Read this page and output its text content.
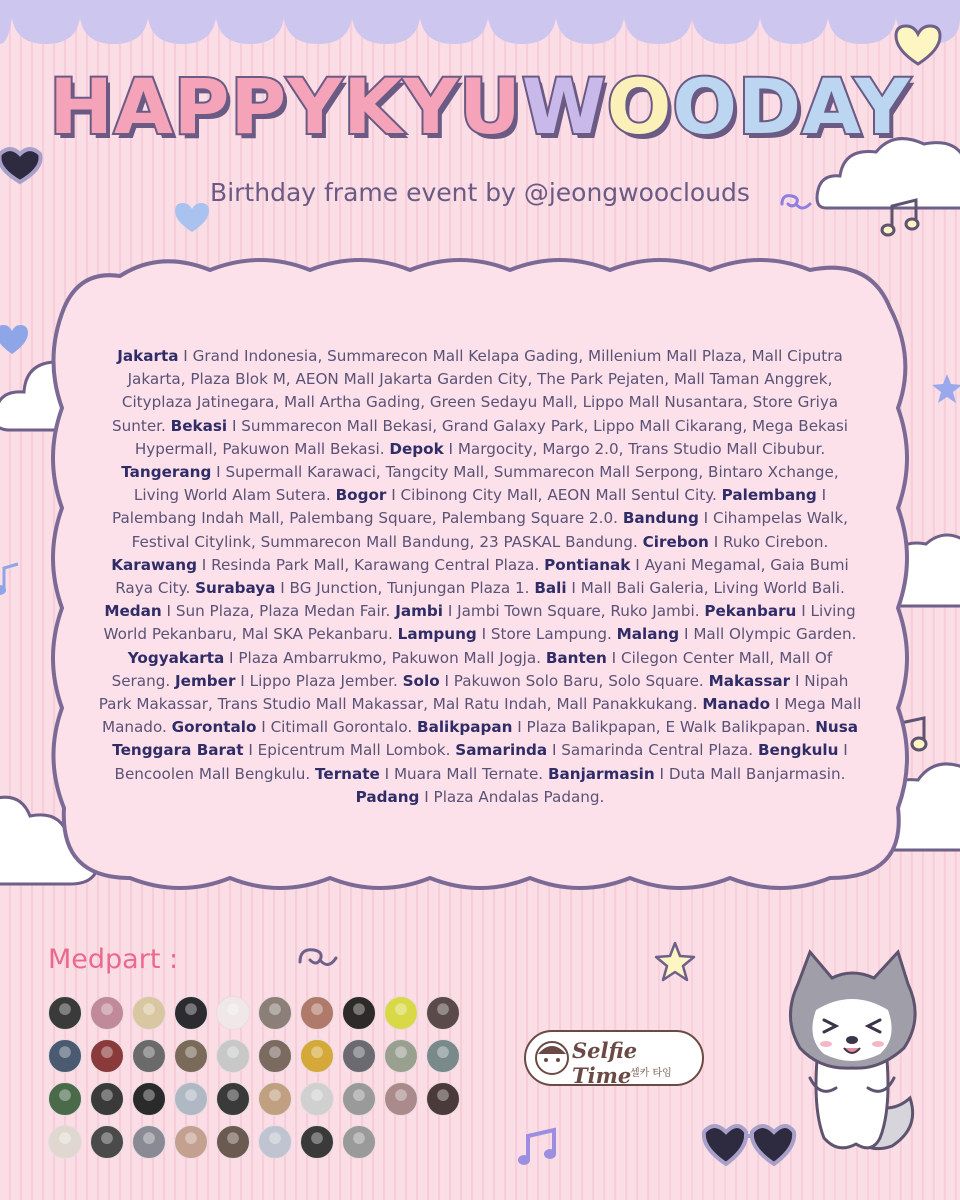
HAPPYKYUWOODAY
Birthday frame event by @jeongwooclouds
Jakarta I Grand Indonesia, Summarecon Mall Kelapa Gading, Millenium Mall Plaza, Mall Ciputra Jakarta, Plaza Blok M, AEON Mall Jakarta Garden City, The Park Pejaten, Mall Taman Anggrek, Cityplaza Jatinegara, Mall Artha Gading, Green Sedayu Mall, Lippo Mall Nusantara, Store Griya Sunter. Bekasi I Summarecon Mall Bekasi, Grand Galaxy Park, Lippo Mall Cikarang, Mega Bekasi Hypermall, Pakuwon Mall Bekasi. Depok I Margocity, Margo 2.0, Trans Studio Mall Cibubur. Tangerang I Supermall Karawaci, Tangcity Mall, Summarecon Mall Serpong, Bintaro Xchange, Living World Alam Sutera. Bogor I Cibinong City Mall, AEON Mall Sentul City. Palembang I Palembang Indah Mall, Palembang Square, Palembang Square 2.0. Bandung I Cihampelas Walk, Festival Citylink, Summarecon Mall Bandung, 23 PASKAL Bandung. Cirebon I Ruko Cirebon. Karawang I Resinda Park Mall, Karawang Central Plaza. Pontianak I Ayani Megamal, Gaia Bumi Raya City. Surabaya I BG Junction, Tunjungan Plaza 1. Bali I Mall Bali Galeria, Living World Bali. Medan I Sun Plaza, Plaza Medan Fair. Jambi I Jambi Town Square, Ruko Jambi. Pekanbaru I Living World Pekanbaru, Mal SKA Pekanbaru. Lampung I Store Lampung. Malang I Mall Olympic Garden. Yogyakarta I Plaza Ambarrukmo, Pakuwon Mall Jogja. Banten I Cilegon Center Mall, Mall Of Serang. Jember I Lippo Plaza Jember. Solo I Pakuwon Solo Baru, Solo Square. Makassar I Nipah Park Makassar, Trans Studio Mall Makassar, Mal Ratu Indah, Mall Panakkukang. Manado I Mega Mall Manado. Gorontalo I Citimall Gorontalo. Balikpapan I Plaza Balikpapan, E Walk Balikpapan. Nusa Tenggara Barat I Epicentrum Mall Lombok. Samarinda I Samarinda Central Plaza. Bengkulu I Bencoolen Mall Bengkulu. Ternate I Muara Mall Ternate. Banjarmasin I Duta Mall Banjarmasin. Padang I Plaza Andalas Padang.
Medpart :
Selfie Time
셀카 타임
